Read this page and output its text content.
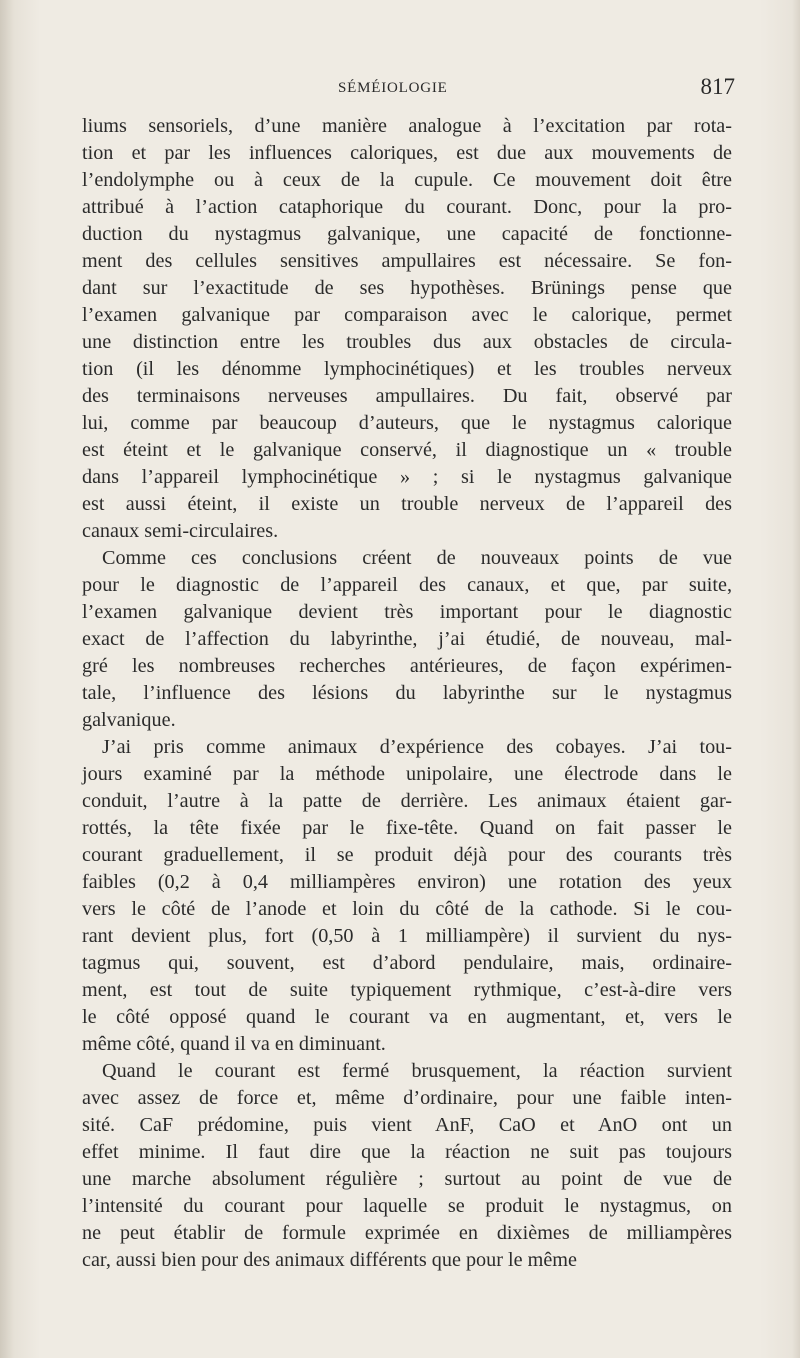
SÉMÉIOLOGIE	817
liums sensoriels, d’une manière analogue à l’excitation par rota-
tion et par les influences caloriques, est due aux mouvements de
l’endolymphe ou à ceux de la cupule. Ce mouvement doit être
attribué à l’action cataphorique du courant. Donc, pour la pro-
duction du nystagmus galvanique, une capacité de fonctionne-
ment des cellules sensitives ampullaires est nécessaire. Se fon-
dant sur l’exactitude de ses hypothèses. Brünings pense que
l’examen galvanique par comparaison avec le calorique, permet
une distinction entre les troubles dus aux obstacles de circula-
tion (il les dénomme lymphocinétiques) et les troubles nerveux
des terminaisons nerveuses ampullaires. Du fait, observé par
lui, comme par beaucoup d’auteurs, que le nystagmus calorique
est éteint et le galvanique conservé, il diagnostique un « trouble
dans l’appareil lymphocinétique » ; si le nystagmus galvanique
est aussi éteint, il existe un trouble nerveux de l’appareil des
canaux semi-circulaires.
Comme ces conclusions créent de nouveaux points de vue
pour le diagnostic de l’appareil des canaux, et que, par suite,
l’examen galvanique devient très important pour le diagnostic
exact de l’affection du labyrinthe, j’ai étudié, de nouveau, mal-
gré les nombreuses recherches antérieures, de façon expérimen-
tale, l’influence des lésions du labyrinthe sur le nystagmus
galvanique.
J’ai pris comme animaux d’expérience des cobayes. J’ai tou-
jours examiné par la méthode unipolaire, une électrode dans le
conduit, l’autre à la patte de derrière. Les animaux étaient gar-
rottés, la tête fixée par le fixe-tête. Quand on fait passer le
courant graduellement, il se produit déjà pour des courants très
faibles (0,2 à 0,4 milliampères environ) une rotation des yeux
vers le côté de l’anode et loin du côté de la cathode. Si le cou-
rant devient plus, fort (0,50 à 1 milliampère) il survient du nys-
tagmus qui, souvent, est d’abord pendulaire, mais, ordinaire-
ment, est tout de suite typiquement rythmique, c’est-à-dire vers
le côté opposé quand le courant va en augmentant, et, vers le
même côté, quand il va en diminuant.
Quand le courant est fermé brusquement, la réaction survient
avec assez de force et, même d’ordinaire, pour une faible inten-
sité. CaF prédomine, puis vient AnF, CaO et AnO ont un
effet minime. Il faut dire que la réaction ne suit pas toujours
une marche absolument régulière ; surtout au point de vue de
l’intensité du courant pour laquelle se produit le nystagmus, on
ne peut établir de formule exprimée en dixièmes de milliampères
car, aussi bien pour des animaux différents que pour le même
